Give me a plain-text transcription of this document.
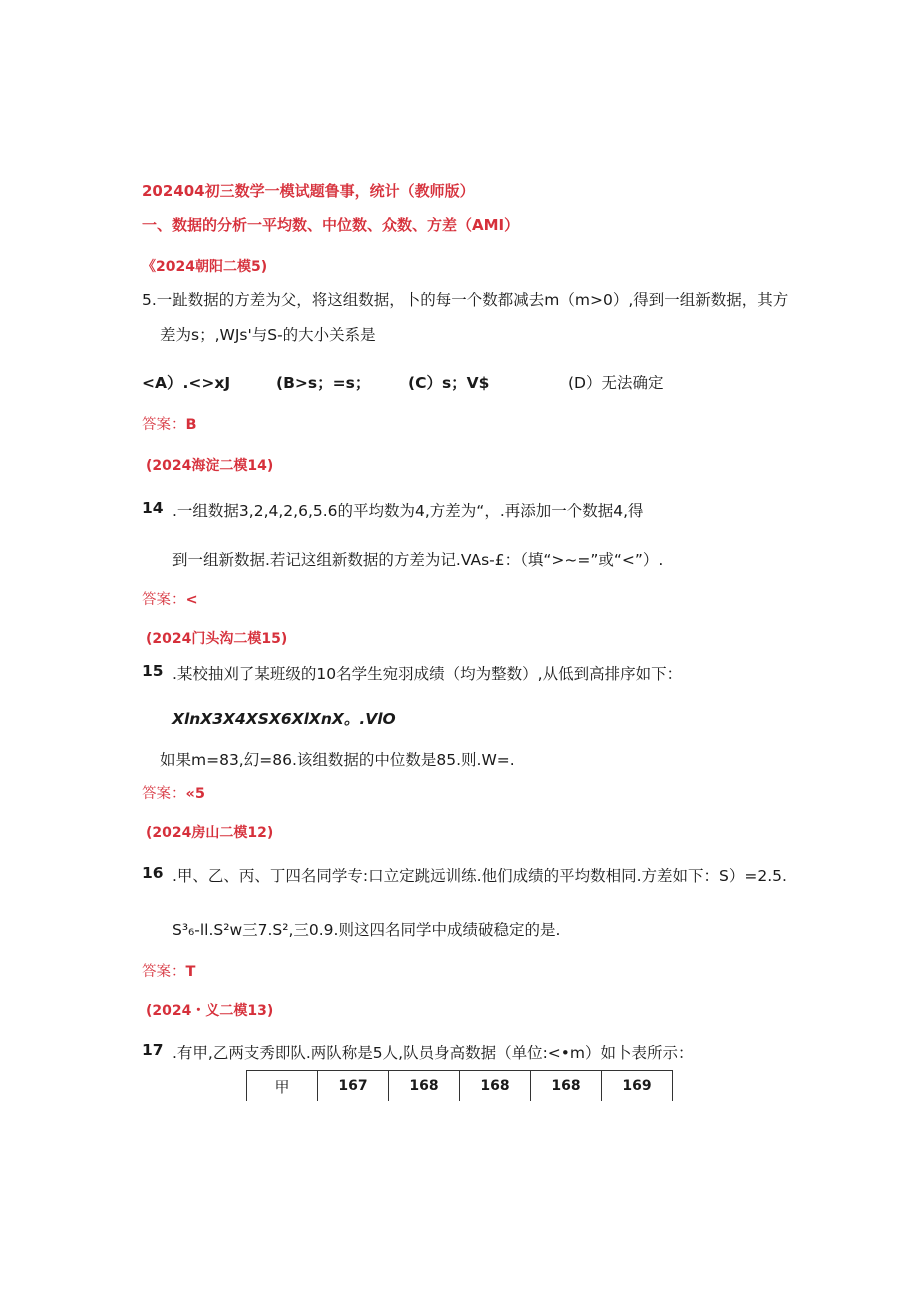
202404初三数学一模试题鲁事，统计（教师版）
一、数据的分析一平均数、中位数、众数、方差（AMI）
《2024朝阳二模5)
5.一趾数据的方差为父，将这组数据，卜的每一个数都减去m（m>0）,得到一组新数据，其方
差为s；,WJs'与S-的大小关系是
<A）.<>xJ	(B>s；=s； (C）s；V$	(D）无法确定
答案：B
(2024海淀二模14)
14 .一组数据3,2,4,2,6,5.6的平均数为4,方差为“，.再添加一个数据4,得
到一组新数据.若记这组新数据的方差为记.VAs-£：（填“>~=”或“<”）.
答案：<
(2024门头沟二模15)
15 .某校抽刈了某班级的10名学生宛羽成绩（均为整数）,从低到高排序如下：
XlnX3X4XSX6XlXnX。.VlO
如果m=83,幻=86.该组数据的中位数是85.则.W=.
答案：«5
(2024房山二模12)
16 .甲、乙、丙、丁四名同学专:口立定跳远训练.他们成绩的平均数相同.方差如下：S）=2.5.
S³₆-ll.S²w三7.S²,三0.9.则这四名同学中成绩破稳定的是.
答案：T
(2024・义二模13)
17 .有甲,乙两支秀即队.两队称是5人,队员身高数据（单位:<•m）如卜表所示：
甲	167	168	168	168	169
